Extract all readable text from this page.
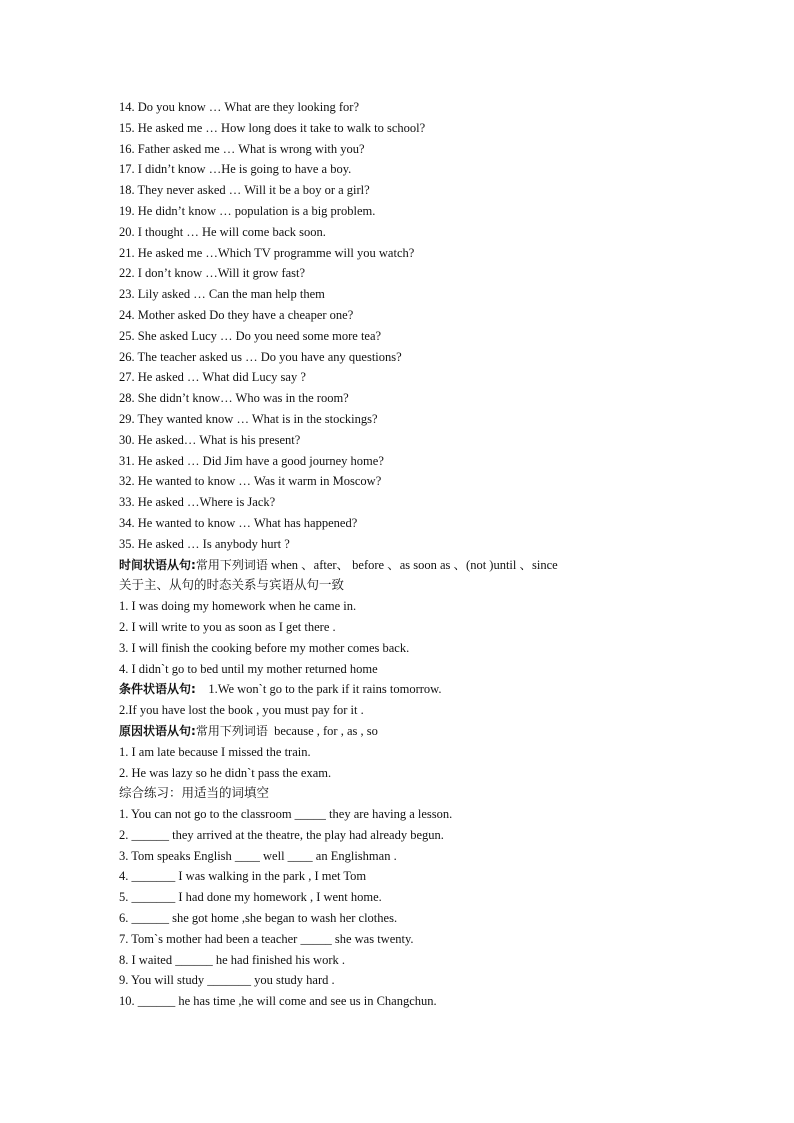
14. Do you know … What are they looking for?
15. He asked me … How long does it take to walk to school?
16. Father asked me … What is wrong with you?
17. I didn’t know …He is going to have a boy.
18. They never asked … Will it be a boy or a girl?
19. He didn’t know … population is a big problem.
20. I thought … He will come back soon.
21. He asked me …Which TV programme will you watch?
22. I don’t know …Will it grow fast?
23. Lily asked … Can the man help them
24. Mother asked Do they have a cheaper one?
25. She asked Lucy … Do you need some more tea?
26. The teacher asked us … Do you have any questions?
27. He asked … What did Lucy say ?
28. She didn’t know… Who was in the room?
29. They wanted know … What is in the stockings?
30. He asked… What is his present?
31. He asked … Did Jim have a good journey home?
32. He wanted to know … Was it warm in Moscow?
33. He asked …Where is Jack?
34. He wanted to know … What has happened?
35. He asked … Is anybody hurt ?
时间状语从句:常用下列词语 when 、after、 before 、as soon as 、(not )until 、since
关于主、从句的时态关系与宾语从句一致
1. I was doing my homework when he came in.
2. I will write to you as soon as I get there .
3. I will finish the cooking before my mother comes back.
4. I didn`t go to bed until my mother returned home
条件状语从句:    1.We won`t go to the park if it rains tomorrow.
2.If you have lost the book , you must pay for it .
原因状语从句:常用下列词语  because , for , as , so
1. I am late because I missed the train.
2. He was lazy so he didn`t pass the exam.
综合练习：用适当的词填空
1. You can not go to the classroom _____ they are having a lesson.
2. ______ they arrived at the theatre, the play had already begun.
3. Tom speaks English ____ well ____ an Englishman .
4. _______ I was walking in the park , I met Tom
5. _______ I had done my homework , I went home.
6. ______ she got home ,she began to wash her clothes.
7. Tom`s mother had been a teacher _____ she was twenty.
8. I waited ______ he had finished his work .
9. You will study _______ you study hard .
10. ______ he has time ,he will come and see us in Changchun.
